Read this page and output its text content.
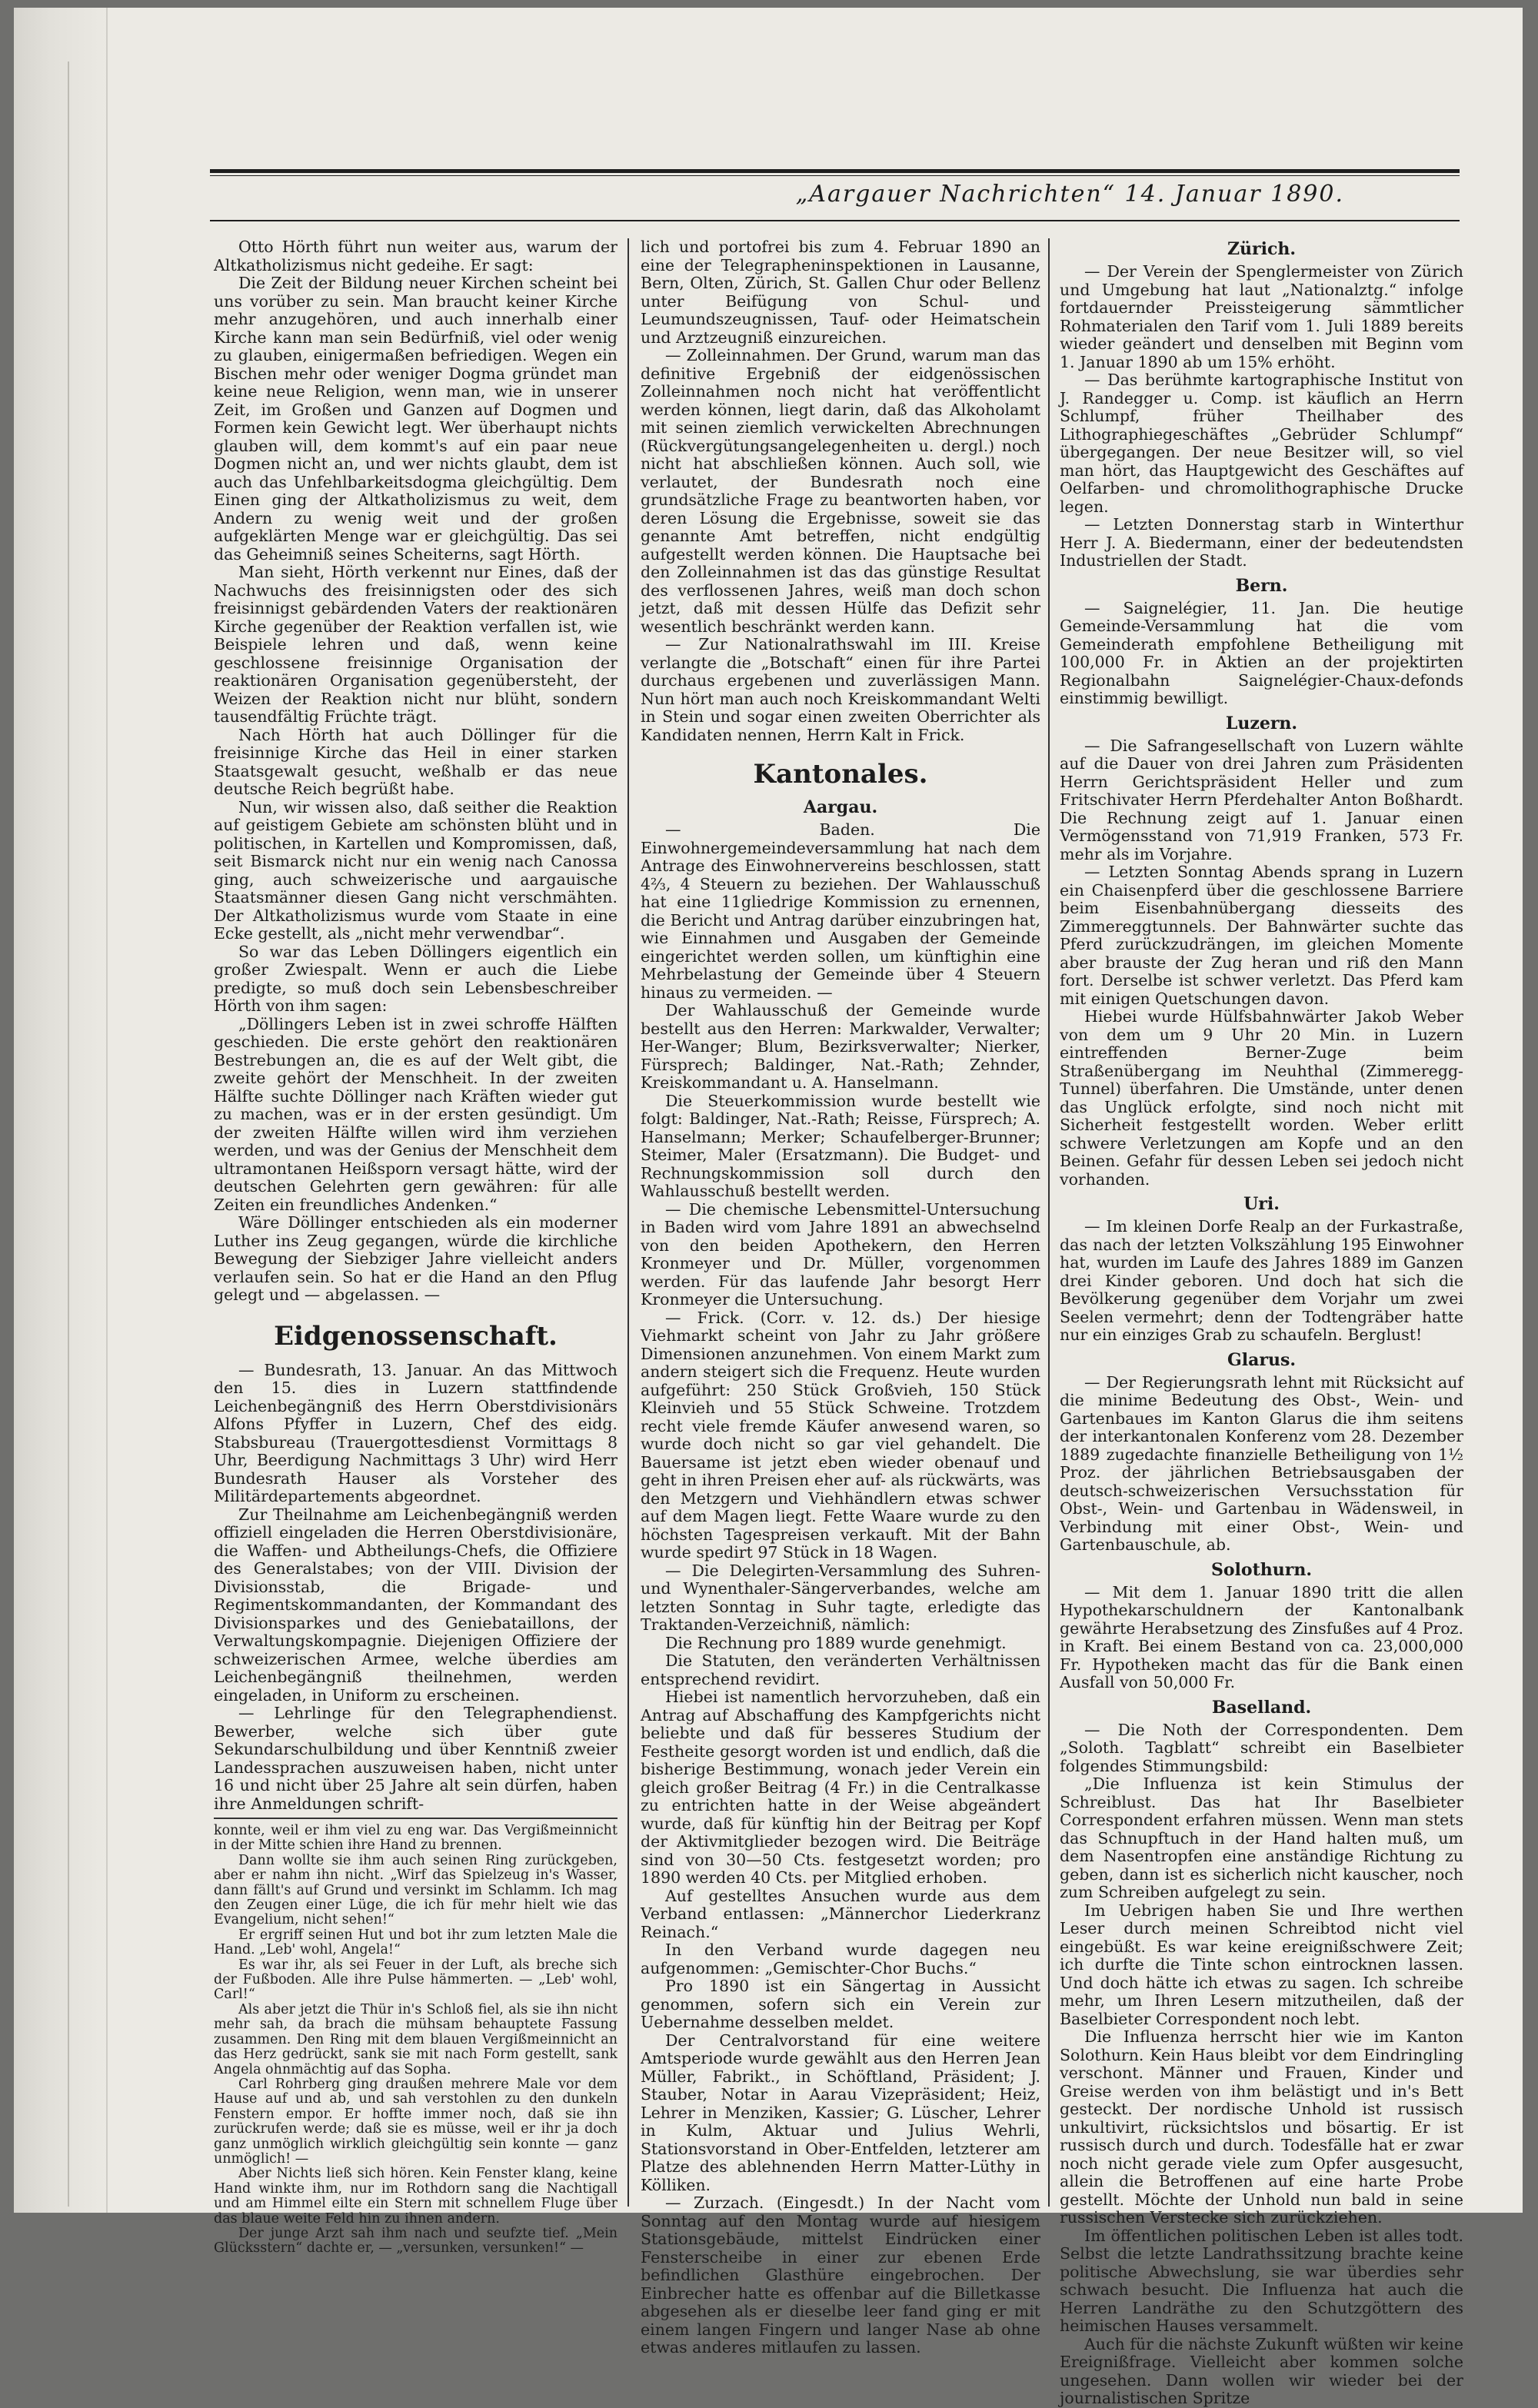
„Aargauer Nachrichten“ 14. Januar 1890.

Otto Hörth führt nun weiter aus, warum der Altkatholizismus nicht gedeihe. Er sagt:

Die Zeit der Bildung neuer Kirchen scheint bei uns vorüber zu sein. Man braucht keiner Kirche mehr anzugehören, und auch innerhalb einer Kirche kann man sein Bedürfniß, viel oder wenig zu glauben, einigermaßen befriedigen. Wegen ein Bischen mehr oder weniger Dogma gründet man keine neue Religion, wenn man, wie in unserer Zeit, im Großen und Ganzen auf Dogmen und Formen kein Gewicht legt. Wer überhaupt nichts glauben will, dem kommt's auf ein paar neue Dogmen nicht an, und wer nichts glaubt, dem ist auch das Unfehlbarkeitsdogma gleichgültig. Dem Einen ging der Altkatholizismus zu weit, dem Andern zu wenig weit und der großen aufgeklärten Menge war er gleichgültig. Das sei das Geheimniß seines Scheiterns, sagt Hörth.

Man sieht, Hörth verkennt nur Eines, daß der Nachwuchs des freisinnigsten oder des sich freisinnigst gebärdenden Vaters der reaktionären Kirche gegenüber der Reaktion verfallen ist, wie Beispiele lehren und daß, wenn keine geschlossene freisinnige Organisation der reaktionären Organisation gegenübersteht, der Weizen der Reaktion nicht nur blüht, sondern tausendfältig Früchte trägt.

Nach Hörth hat auch Döllinger für die freisinnige Kirche das Heil in einer starken Staatsgewalt gesucht, weßhalb er das neue deutsche Reich begrüßt habe.

Nun, wir wissen also, daß seither die Reaktion auf geistigem Gebiete am schönsten blüht und in politischen, in Kartellen und Kompromissen, daß, seit Bismarck nicht nur ein wenig nach Canossa ging, auch schweizerische und aargauische Staatsmänner diesen Gang nicht verschmähten. Der Altkatholizismus wurde vom Staate in eine Ecke gestellt, als „nicht mehr verwendbar“.

So war das Leben Döllingers eigentlich ein großer Zwiespalt. Wenn er auch die Liebe predigte, so muß doch sein Lebensbeschreiber Hörth von ihm sagen:

„Döllingers Leben ist in zwei schroffe Hälften geschieden. Die erste gehört den reaktionären Bestrebungen an, die es auf der Welt gibt, die zweite gehört der Menschheit. In der zweiten Hälfte suchte Döllinger nach Kräften wieder gut zu machen, was er in der ersten gesündigt. Um der zweiten Hälfte willen wird ihm verziehen werden, und was der Genius der Menschheit dem ultramontanen Heißsporn versagt hätte, wird der deutschen Gelehrten gern gewähren: für alle Zeiten ein freundliches Andenken.“

Wäre Döllinger entschieden als ein moderner Luther ins Zeug gegangen, würde die kirchliche Bewegung der Siebziger Jahre vielleicht anders verlaufen sein. So hat er die Hand an den Pflug gelegt und — abgelassen. —

Eidgenossenschaft.

— Bundesrath, 13. Januar. An das Mittwoch den 15. dies in Luzern stattfindende Leichenbegängniß des Herrn Oberstdivisionärs Alfons Pfyffer in Luzern, Chef des eidg. Stabsbureau (Trauergottesdienst Vormittags 8 Uhr, Beerdigung Nachmittags 3 Uhr) wird Herr Bundesrath Hauser als Vorsteher des Militärdepartements abgeordnet.

Zur Theilnahme am Leichenbegängniß werden offiziell eingeladen die Herren Oberstdivisionäre, die Waffen- und Abtheilungs-Chefs, die Offiziere des Generalstabes; von der VIII. Division der Divisionsstab, die Brigade- und Regimentskommandanten, der Kommandant des Divisionsparkes und des Geniebataillons, der Verwaltungskompagnie. Diejenigen Offiziere der schweizerischen Armee, welche überdies am Leichenbegängniß theilnehmen, werden eingeladen, in Uniform zu erscheinen.

— Lehrlinge für den Telegraphendienst. Bewerber, welche sich über gute Sekundarschulbildung und über Kenntniß zweier Landessprachen auszuweisen haben, nicht unter 16 und nicht über 25 Jahre alt sein dürfen, haben ihre Anmeldungen schrift-

konnte, weil er ihm viel zu eng war. Das Vergißmeinnicht in der Mitte schien ihre Hand zu brennen.

Dann wollte sie ihm auch seinen Ring zurückgeben, aber er nahm ihn nicht. „Wirf das Spielzeug in's Wasser, dann fällt's auf Grund und versinkt im Schlamm. Ich mag den Zeugen einer Lüge, die ich für mehr hielt wie das Evangelium, nicht sehen!“

Er ergriff seinen Hut und bot ihr zum letzten Male die Hand. „Leb' wohl, Angela!“

Es war ihr, als sei Feuer in der Luft, als breche sich der Fußboden. Alle ihre Pulse hämmerten. — „Leb' wohl, Carl!“

Als aber jetzt die Thür in's Schloß fiel, als sie ihn nicht mehr sah, da brach die mühsam behauptete Fassung zusammen. Den Ring mit dem blauen Vergißmeinnicht an das Herz gedrückt, sank sie mit nach Form gestellt, sank Angela ohnmächtig auf das Sopha.

Carl Rohrberg ging draußen mehrere Male vor dem Hause auf und ab, und sah verstohlen zu den dunkeln Fenstern empor. Er hoffte immer noch, daß sie ihn zurückrufen werde; daß sie es müsse, weil er ihr ja doch ganz unmöglich wirklich gleichgültig sein konnte — ganz unmöglich! —

Aber Nichts ließ sich hören. Kein Fenster klang, keine Hand winkte ihm, nur im Rothdorn sang die Nachtigall und am Himmel eilte ein Stern mit schnellem Fluge über das blaue weite Feld hin zu ihnen andern.

Der junge Arzt sah ihm nach und seufzte tief. „Mein Glücksstern“ dachte er, — „versunken, versunken!“ —

lich und portofrei bis zum 4. Februar 1890 an eine der Telegrapheninspektionen in Lausanne, Bern, Olten, Zürich, St. Gallen Chur oder Bellenz unter Beifügung von Schul- und Leumundszeugnissen, Tauf- oder Heimatschein und Arztzeugniß einzureichen.

— Zolleinnahmen. Der Grund, warum man das definitive Ergebniß der eidgenössischen Zolleinnahmen noch nicht hat veröffentlicht werden können, liegt darin, daß das Alkoholamt mit seinen ziemlich verwickelten Abrechnungen (Rückvergütungsangelegenheiten u. dergl.) noch nicht hat abschließen können. Auch soll, wie verlautet, der Bundesrath noch eine grundsätzliche Frage zu beantworten haben, vor deren Lösung die Ergebnisse, soweit sie das genannte Amt betreffen, nicht endgültig aufgestellt werden können. Die Hauptsache bei den Zolleinnahmen ist das das günstige Resultat des verflossenen Jahres, weiß man doch schon jetzt, daß mit dessen Hülfe das Defizit sehr wesentlich beschränkt werden kann.

— Zur Nationalrathswahl im III. Kreise verlangte die „Botschaft“ einen für ihre Partei durchaus ergebenen und zuverlässigen Mann. Nun hört man auch noch Kreiskommandant Welti in Stein und sogar einen zweiten Oberrichter als Kandidaten nennen, Herrn Kalt in Frick.

Kantonales.
Aargau.

— Baden. Die Einwohnergemeindeversammlung hat nach dem Antrage des Einwohnervereins beschlossen, statt 4⅔, 4 Steuern zu beziehen. Der Wahlausschuß hat eine 11gliedrige Kommission zu ernennen, die Bericht und Antrag darüber einzubringen hat, wie Einnahmen und Ausgaben der Gemeinde eingerichtet werden sollen, um künftighin eine Mehrbelastung der Gemeinde über 4 Steuern hinaus zu vermeiden. —

Der Wahlausschuß der Gemeinde wurde bestellt aus den Herren: Markwalder, Verwalter; Her-Wanger; Blum, Bezirksverwalter; Nierker, Fürsprech; Baldinger, Nat.-Rath; Zehnder, Kreiskommandant u. A. Hanselmann.

Die Steuerkommission wurde bestellt wie folgt: Baldinger, Nat.-Rath; Reisse, Fürsprech; A. Hanselmann; Merker; Schaufelberger-Brunner; Steimer, Maler (Ersatzmann). Die Budget- und Rechnungskommission soll durch den Wahlausschuß bestellt werden.

— Die chemische Lebensmittel-Untersuchung in Baden wird vom Jahre 1891 an abwechselnd von den beiden Apothekern, den Herren Kronmeyer und Dr. Müller, vorgenommen werden. Für das laufende Jahr besorgt Herr Kronmeyer die Untersuchung.

— Frick. (Corr. v. 12. ds.) Der hiesige Viehmarkt scheint von Jahr zu Jahr größere Dimensionen anzunehmen. Von einem Markt zum andern steigert sich die Frequenz. Heute wurden aufgeführt: 250 Stück Großvieh, 150 Stück Kleinvieh und 55 Stück Schweine. Trotzdem recht viele fremde Käufer anwesend waren, so wurde doch nicht so gar viel gehandelt. Die Bauersame ist jetzt eben wieder obenauf und geht in ihren Preisen eher auf- als rückwärts, was den Metzgern und Viehhändlern etwas schwer auf dem Magen liegt. Fette Waare wurde zu den höchsten Tagespreisen verkauft. Mit der Bahn wurde spedirt 97 Stück in 18 Wagen.

— Die Delegirten-Versammlung des Suhren- und Wynenthaler-Sängerverbandes, welche am letzten Sonntag in Suhr tagte, erledigte das Traktanden-Verzeichniß, nämlich:

Die Rechnung pro 1889 wurde genehmigt.

Die Statuten, den veränderten Verhältnissen entsprechend revidirt.

Hiebei ist namentlich hervorzuheben, daß ein Antrag auf Abschaffung des Kampfgerichts nicht beliebte und daß für besseres Studium der Festheite gesorgt worden ist und endlich, daß die bisherige Bestimmung, wonach jeder Verein ein gleich großer Beitrag (4 Fr.) in die Centralkasse zu entrichten hatte in der Weise abgeändert wurde, daß für künftig hin der Beitrag per Kopf der Aktivmitglieder bezogen wird. Die Beiträge sind von 30—50 Cts. festgesetzt worden; pro 1890 werden 40 Cts. per Mitglied erhoben.

Auf gestelltes Ansuchen wurde aus dem Verband entlassen: „Männerchor Liederkranz Reinach.“

In den Verband wurde dagegen neu aufgenommen: „Gemischter-Chor Buchs.“

Pro 1890 ist ein Sängertag in Aussicht genommen, sofern sich ein Verein zur Uebernahme desselben meldet.

Der Centralvorstand für eine weitere Amtsperiode wurde gewählt aus den Herren Jean Müller, Fabrikt., in Schöftland, Präsident; J. Stauber, Notar in Aarau Vizepräsident; Heiz, Lehrer in Menziken, Kassier; G. Lüscher, Lehrer in Kulm, Aktuar und Julius Wehrli, Stationsvorstand in Ober-Entfelden, letzterer am Platze des ablehnenden Herrn Matter-Lüthy in Kölliken.

— Zurzach. (Eingesdt.) In der Nacht vom Sonntag auf den Montag wurde auf hiesigem Stationsgebäude, mittelst Eindrücken einer Fensterscheibe in einer zur ebenen Erde befindlichen Glasthüre eingebrochen. Der Einbrecher hatte es offenbar auf die Billetkasse abgesehen als er dieselbe leer fand ging er mit einem langen Fingern und langer Nase ab ohne etwas anderes mitlaufen zu lassen.

Zürich.

— Der Verein der Spenglermeister von Zürich und Umgebung hat laut „Nationalztg.“ infolge fortdauernder Preissteigerung sämmtlicher Rohmaterialen den Tarif vom 1. Juli 1889 bereits wieder geändert und denselben mit Beginn vom 1. Januar 1890 ab um 15% erhöht.

— Das berühmte kartographische Institut von J. Randegger u. Comp. ist käuflich an Herrn Schlumpf, früher Theilhaber des Lithographiegeschäftes „Gebrüder Schlumpf“ übergegangen. Der neue Besitzer will, so viel man hört, das Hauptgewicht des Geschäftes auf Oelfarben- und chromolithographische Drucke legen.

— Letzten Donnerstag starb in Winterthur Herr J. A. Biedermann, einer der bedeutendsten Industriellen der Stadt.

Bern.

— Saignelégier, 11. Jan. Die heutige Gemeinde-Versammlung hat die vom Gemeinderath empfohlene Betheiligung mit 100,000 Fr. in Aktien an der projektirten Regionalbahn Saignelégier-Chaux-defonds einstimmig bewilligt.

Luzern.

— Die Safrangesellschaft von Luzern wählte auf die Dauer von drei Jahren zum Präsidenten Herrn Gerichtspräsident Heller und zum Fritschivater Herrn Pferdehalter Anton Boßhardt. Die Rechnung zeigt auf 1. Januar einen Vermögensstand von 71,919 Franken, 573 Fr. mehr als im Vorjahre.

— Letzten Sonntag Abends sprang in Luzern ein Chaisenpferd über die geschlossene Barriere beim Eisenbahnübergang diesseits des Zimmereggtunnels. Der Bahnwärter suchte das Pferd zurückzudrängen, im gleichen Momente aber brauste der Zug heran und riß den Mann fort. Derselbe ist schwer verletzt. Das Pferd kam mit einigen Quetschungen davon.

Hiebei wurde Hülfsbahnwärter Jakob Weber von dem um 9 Uhr 20 Min. in Luzern eintreffenden Berner-Zuge beim Straßenübergang im Neuhthal (Zimmeregg-Tunnel) überfahren. Die Umstände, unter denen das Unglück erfolgte, sind noch nicht mit Sicherheit festgestellt worden. Weber erlitt schwere Verletzungen am Kopfe und an den Beinen. Gefahr für dessen Leben sei jedoch nicht vorhanden.

Uri.

— Im kleinen Dorfe Realp an der Furkastraße, das nach der letzten Volkszählung 195 Einwohner hat, wurden im Laufe des Jahres 1889 im Ganzen drei Kinder geboren. Und doch hat sich die Bevölkerung gegenüber dem Vorjahr um zwei Seelen vermehrt; denn der Todtengräber hatte nur ein einziges Grab zu schaufeln. Berglust!

Glarus.

— Der Regierungsrath lehnt mit Rücksicht auf die minime Bedeutung des Obst-, Wein- und Gartenbaues im Kanton Glarus die ihm seitens der interkantonalen Konferenz vom 28. Dezember 1889 zugedachte finanzielle Betheiligung von 1½ Proz. der jährlichen Betriebsausgaben der deutsch-schweizerischen Versuchsstation für Obst-, Wein- und Gartenbau in Wädensweil, in Verbindung mit einer Obst-, Wein- und Gartenbauschule, ab.

Solothurn.

— Mit dem 1. Januar 1890 tritt die allen Hypothekarschuldnern der Kantonalbank gewährte Herabsetzung des Zinsfußes auf 4 Proz. in Kraft. Bei einem Bestand von ca. 23,000,000 Fr. Hypotheken macht das für die Bank einen Ausfall von 50,000 Fr.

Baselland.

— Die Noth der Correspondenten. Dem „Soloth. Tagblatt“ schreibt ein Baselbieter folgendes Stimmungsbild:

„Die Influenza ist kein Stimulus der Schreiblust. Das hat Ihr Baselbieter Correspondent erfahren müssen. Wenn man stets das Schnupftuch in der Hand halten muß, um dem Nasentropfen eine anständige Richtung zu geben, dann ist es sicherlich nicht kauscher, noch zum Schreiben aufgelegt zu sein.

Im Uebrigen haben Sie und Ihre werthen Leser durch meinen Schreibtod nicht viel eingebüßt. Es war keine ereignißschwere Zeit; ich durfte die Tinte schon eintrocknen lassen. Und doch hätte ich etwas zu sagen. Ich schreibe mehr, um Ihren Lesern mitzutheilen, daß der Baselbieter Correspondent noch lebt.

Die Influenza herrscht hier wie im Kanton Solothurn. Kein Haus bleibt vor dem Eindringling verschont. Männer und Frauen, Kinder und Greise werden von ihm belästigt und in's Bett gesteckt. Der nordische Unhold ist russisch unkultivirt, rücksichtslos und bösartig. Er ist russisch durch und durch. Todesfälle hat er zwar noch nicht gerade viele zum Opfer ausgesucht, allein die Betroffenen auf eine harte Probe gestellt. Möchte der Unhold nun bald in seine russischen Verstecke sich zurückziehen.

Im öffentlichen politischen Leben ist alles todt. Selbst die letzte Landrathssitzung brachte keine politische Abwechslung, sie war überdies sehr schwach besucht. Die Influenza hat auch die Herren Landräthe zu den Schutzgöttern des heimischen Hauses versammelt.

Auch für die nächste Zukunft wüßten wir keine Ereignißfrage. Vielleicht aber kommen solche ungesehen. Dann wollen wir wieder bei der journalistischen Spritze
